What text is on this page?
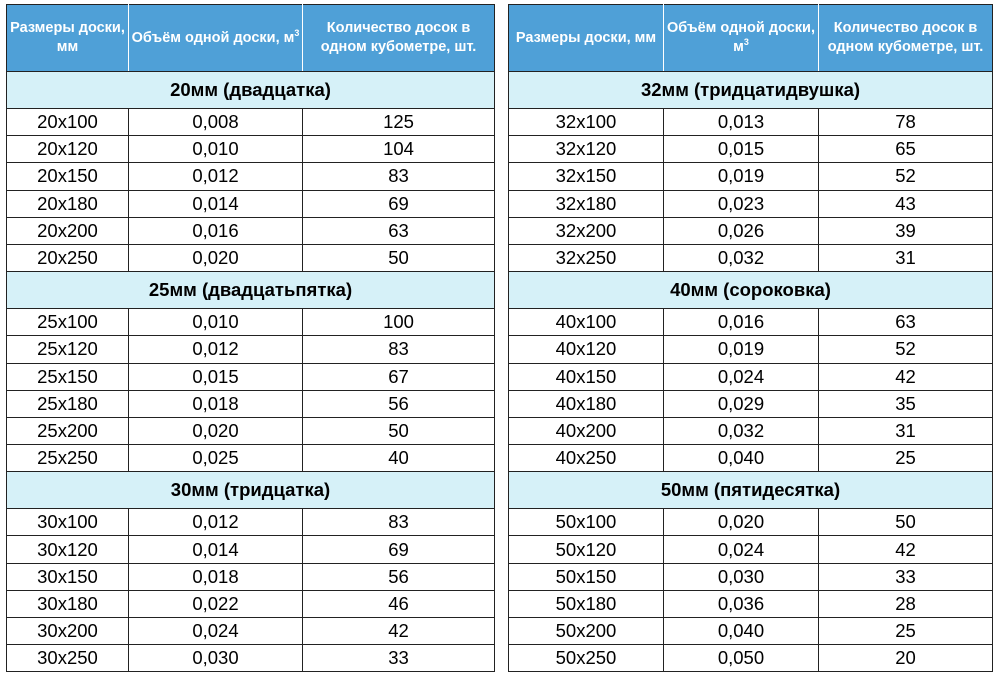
Размеры доски, мм	Объём одной доски, $м^3$	Количество досок в одном кубометре, шт.
20мм (двадцатка)		
20x100	0,008	125
20x120	0,010	104
20x150	0,012	83
20x180	0,014	69
20x200	0,016	63
20x250	0,020	50
25мм (двадцатьпятка)		
25x100	0,010	100
25x120	0,012	83
25x150	0,015	67
25x180	0,018	56
25x200	0,020	50
25x250	0,025	40
30мм (тридцатка)		
30x100	0,012	83
30x120	0,014	69
30x150	0,018	56
30x180	0,022	46
30x200	0,024	42
30x250	0,030	33
Размеры доски, мм	Объём одной доски, $м^3$	Количество досок в одном кубометре, шт.
32мм (тридцатидвушка)		
32x100	0,013	78
32x120	0,015	65
32x150	0,019	52
32x180	0,023	43
32x200	0,026	39
32x250	0,032	31
40мм (сороковка)		
40x100	0,016	63
40x120	0,019	52
40x150	0,024	42
40x180	0,029	35
40x200	0,032	31
40x250	0,040	25
50мм (пятидесятка)		
50x100	0,020	50
50x120	0,024	42
50x150	0,030	33
50x180	0,036	28
50x200	0,040	25
50x250	0,050	20
